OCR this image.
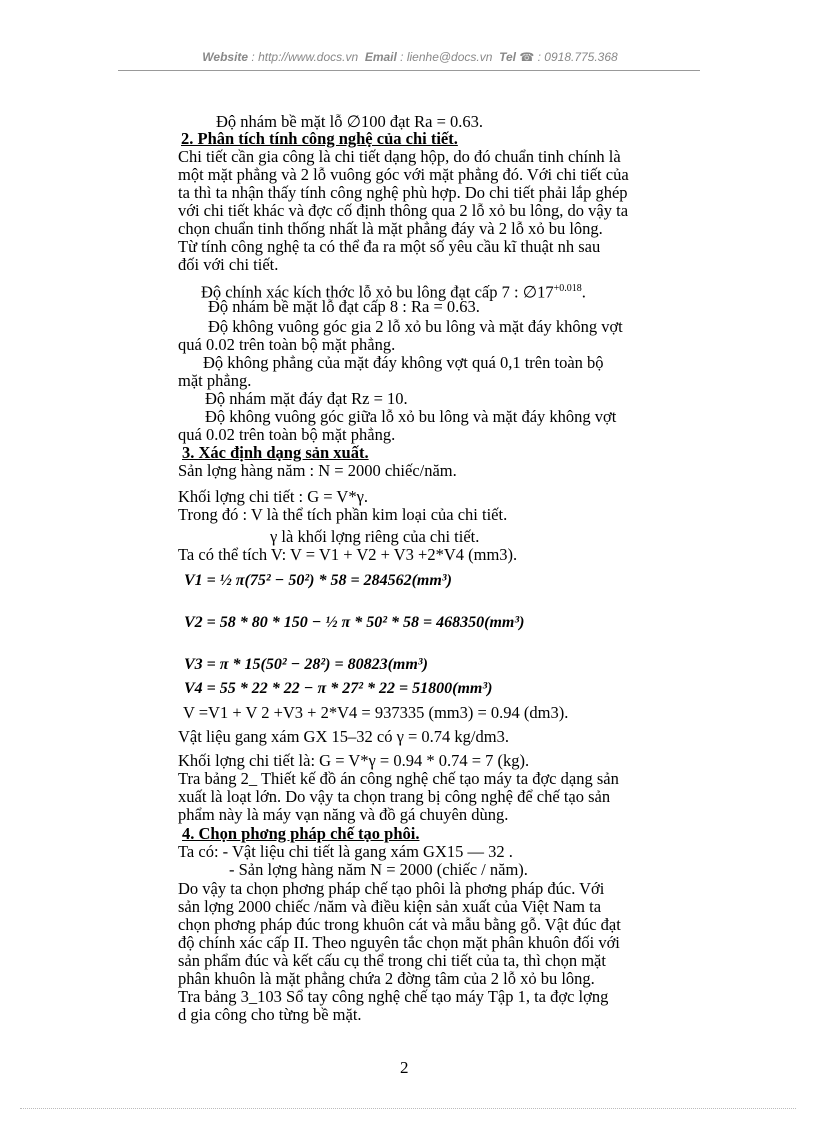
Website : http://www.docs.vn Email : lienhe@docs.vn Tel ☎ : 0918.775.368
Độ nhám bề mặt lỗ ∅100 đạt Ra = 0.63.
2. Phân tích tính công nghệ của chi tiết.
Chi tiết cần gia công là chi tiết dạng hộp, do đó chuẩn tinh chính là
một mặt phẳng và 2 lỗ vuông góc với mặt phẳng đó. Với chi tiết của
ta thì ta nhận thấy tính công nghệ phù hợp. Do chi tiết phải lắp ghép
với chi tiết khác và đợc cố định thông qua 2 lỗ xỏ bu lông, do vậy ta
chọn chuẩn tinh thống nhất là mặt phẳng đáy và 2 lỗ xỏ bu lông.
Từ tính công nghệ ta có thể đa ra một số yêu cầu kĩ thuật nh sau
đối với chi tiết.
Độ chính xác kích thớc lỗ xỏ bu lông đạt cấp 7 : $\emptyset 17^{+0.018}$.
Độ nhám bề mặt lỗ đạt cấp 8 : Ra = 0.63.
Độ không vuông góc gia 2 lỗ xỏ bu lông và mặt đáy không vợt
quá 0.02 trên toàn bộ mặt phẳng.
Độ không phẳng của mặt đáy không vợt quá 0,1 trên toàn bộ
mặt phẳng.
Độ nhám mặt đáy đạt Rz = 10.
Độ không vuông góc giữa lỗ xỏ bu lông và mặt đáy không vợt
quá 0.02 trên toàn bộ mặt phẳng.
3. Xác định dạng sản xuất.
Sản lợng hàng năm : N = 2000 chiếc/năm.
Khối lợng chi tiết : G = V*γ.
Trong đó : V là thể tích phần kim loại của chi tiết.
γ là khối lợng riêng của chi tiết.
Ta có thể tích V: V = V1 + V2 + V3 +2*V4 (mm3).
V1 = ½ π(75² − 50²) * 58 = 284562(mm³)
V2 = 58 * 80 * 150 − ½ π * 50² * 58 = 468350(mm³)
V3 = π * 15(50² − 28²) = 80823(mm³)
V4 = 55 * 22 * 22 − π * 27² * 22 = 51800(mm³)
V =V1 + V 2 +V3 + 2*V4 = 937335 (mm3) = 0.94 (dm3).
Vật liệu gang xám GX 15–32 có γ = 0.74 kg/dm3.
Khối lợng chi tiết là: G = V*γ = 0.94 * 0.74 = 7 (kg).
Tra bảng 2_ Thiết kế đồ án công nghệ chế tạo máy ta đợc dạng sản
xuất là loạt lớn. Do vậy ta chọn trang bị công nghệ để chế tạo sản
phẩm này là máy vạn năng và đồ gá chuyên dùng.
4. Chọn phơng pháp chế tạo phôi.
Ta có: - Vật liệu chi tiết là gang xám GX15 — 32 .
- Sản lợng hàng năm N = 2000 (chiếc / năm).
Do vậy ta chọn phơng pháp chế tạo phôi là phơng pháp đúc. Với
sản lợng 2000 chiếc /năm và điều kiện sản xuất của Việt Nam ta
chọn phơng pháp đúc trong khuôn cát và mẫu bằng gỗ. Vật đúc đạt
độ chính xác cấp II. Theo nguyên tắc chọn mặt phân khuôn đối với
sản phẩm đúc và kết cấu cụ thể trong chi tiết của ta, thì chọn mặt
phân khuôn là mặt phẳng chứa 2 đờng tâm của 2 lỗ xỏ bu lông.
Tra bảng 3_103 Sổ tay công nghệ chế tạo máy Tập 1, ta đợc lợng
d gia công cho từng bề mặt.
2
